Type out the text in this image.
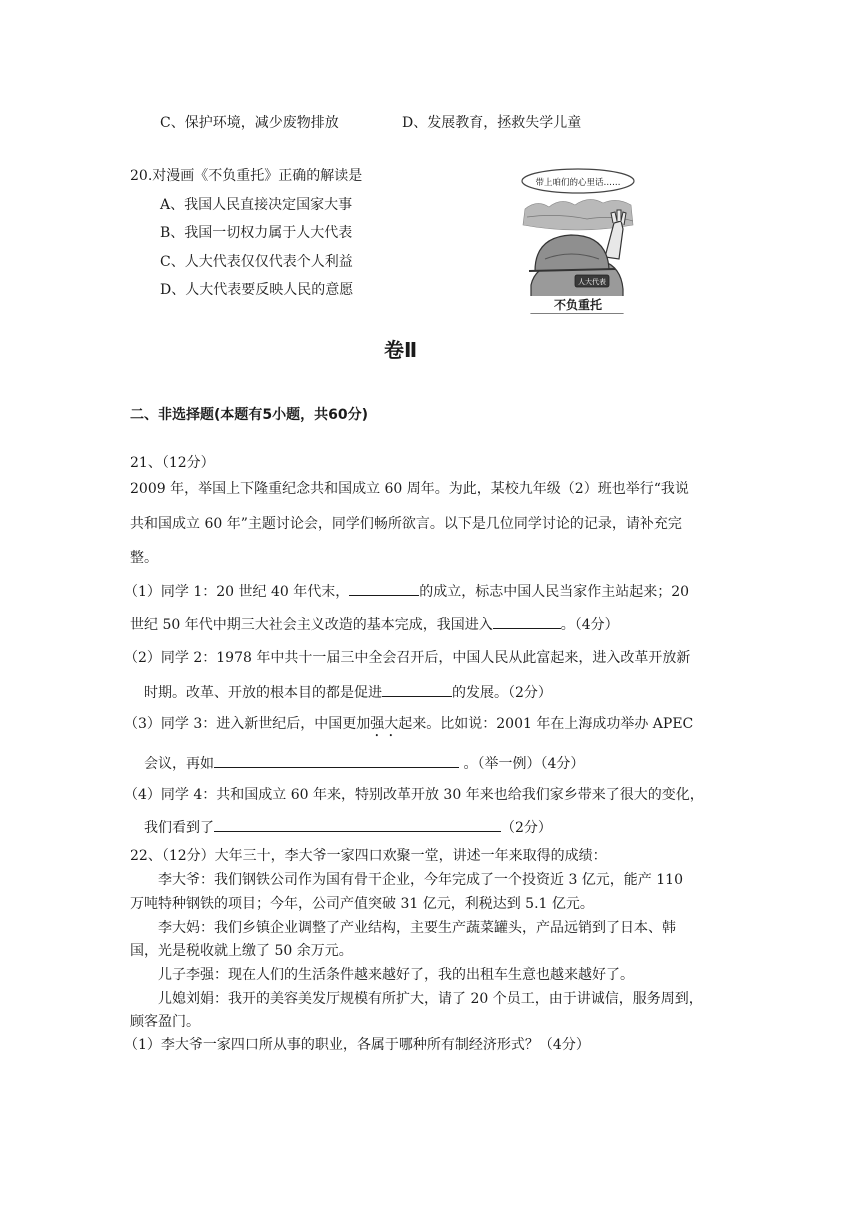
C、保护环境，减少废物排放	D、发展教育，拯救失学儿童
20.对漫画《不负重托》正确的解读是
A、我国人民直接决定国家大事
B、我国一切权力属于人大代表
C、人大代表仅仅代表个人利益
D、人大代表要反映人民的意愿
带上咱们的心里话……
人大代表
不负重托
卷Ⅱ
二、非选择题(本题有5小题，共60分)
21、（12分）
2009 年，举国上下隆重纪念共和国成立 60 周年。为此，某校九年级（2）班也举行“我说
共和国成立 60 年”主题讨论会，同学们畅所欲言。以下是几位同学讨论的记录，请补充完
整。
（1）同学 1：20 世纪 40 年代末，	的成立，标志中国人民当家作主站起来；20
世纪 50 年代中期三大社会主义改造的基本完成，我国进入	。（4分）
（2）同学 2：1978 年中共十一届三中全会召开后，中国人民从此富起来，进入改革开放新
时期。改革、开放的根本目的都是促进	的发展。（2分）
（3）同学 3：进入新世纪后，中国更加强大起来。比如说：2001 年在上海成功举办 APEC
会议，再如	。（举一例）（4分）
（4）同学 4：共和国成立 60 年来，特别改革开放 30 年来也给我们家乡带来了很大的变化，
我们看到了	（2分）
22、（12分）大年三十，李大爷一家四口欢聚一堂，讲述一年来取得的成绩：
李大爷：我们钢铁公司作为国有骨干企业，今年完成了一个投资近 3 亿元，能产 110
万吨特种钢铁的项目；今年，公司产值突破 31 亿元，利税达到 5.1 亿元。
李大妈：我们乡镇企业调整了产业结构，主要生产蔬菜罐头，产品远销到了日本、韩
国，光是税收就上缴了 50 余万元。
儿子李强：现在人们的生活条件越来越好了，我的出租车生意也越来越好了。
儿媳刘娟：我开的美容美发厅规模有所扩大，请了 20 个员工，由于讲诚信，服务周到，
顾客盈门。
（1）李大爷一家四口所从事的职业，各属于哪种所有制经济形式？（4分）
